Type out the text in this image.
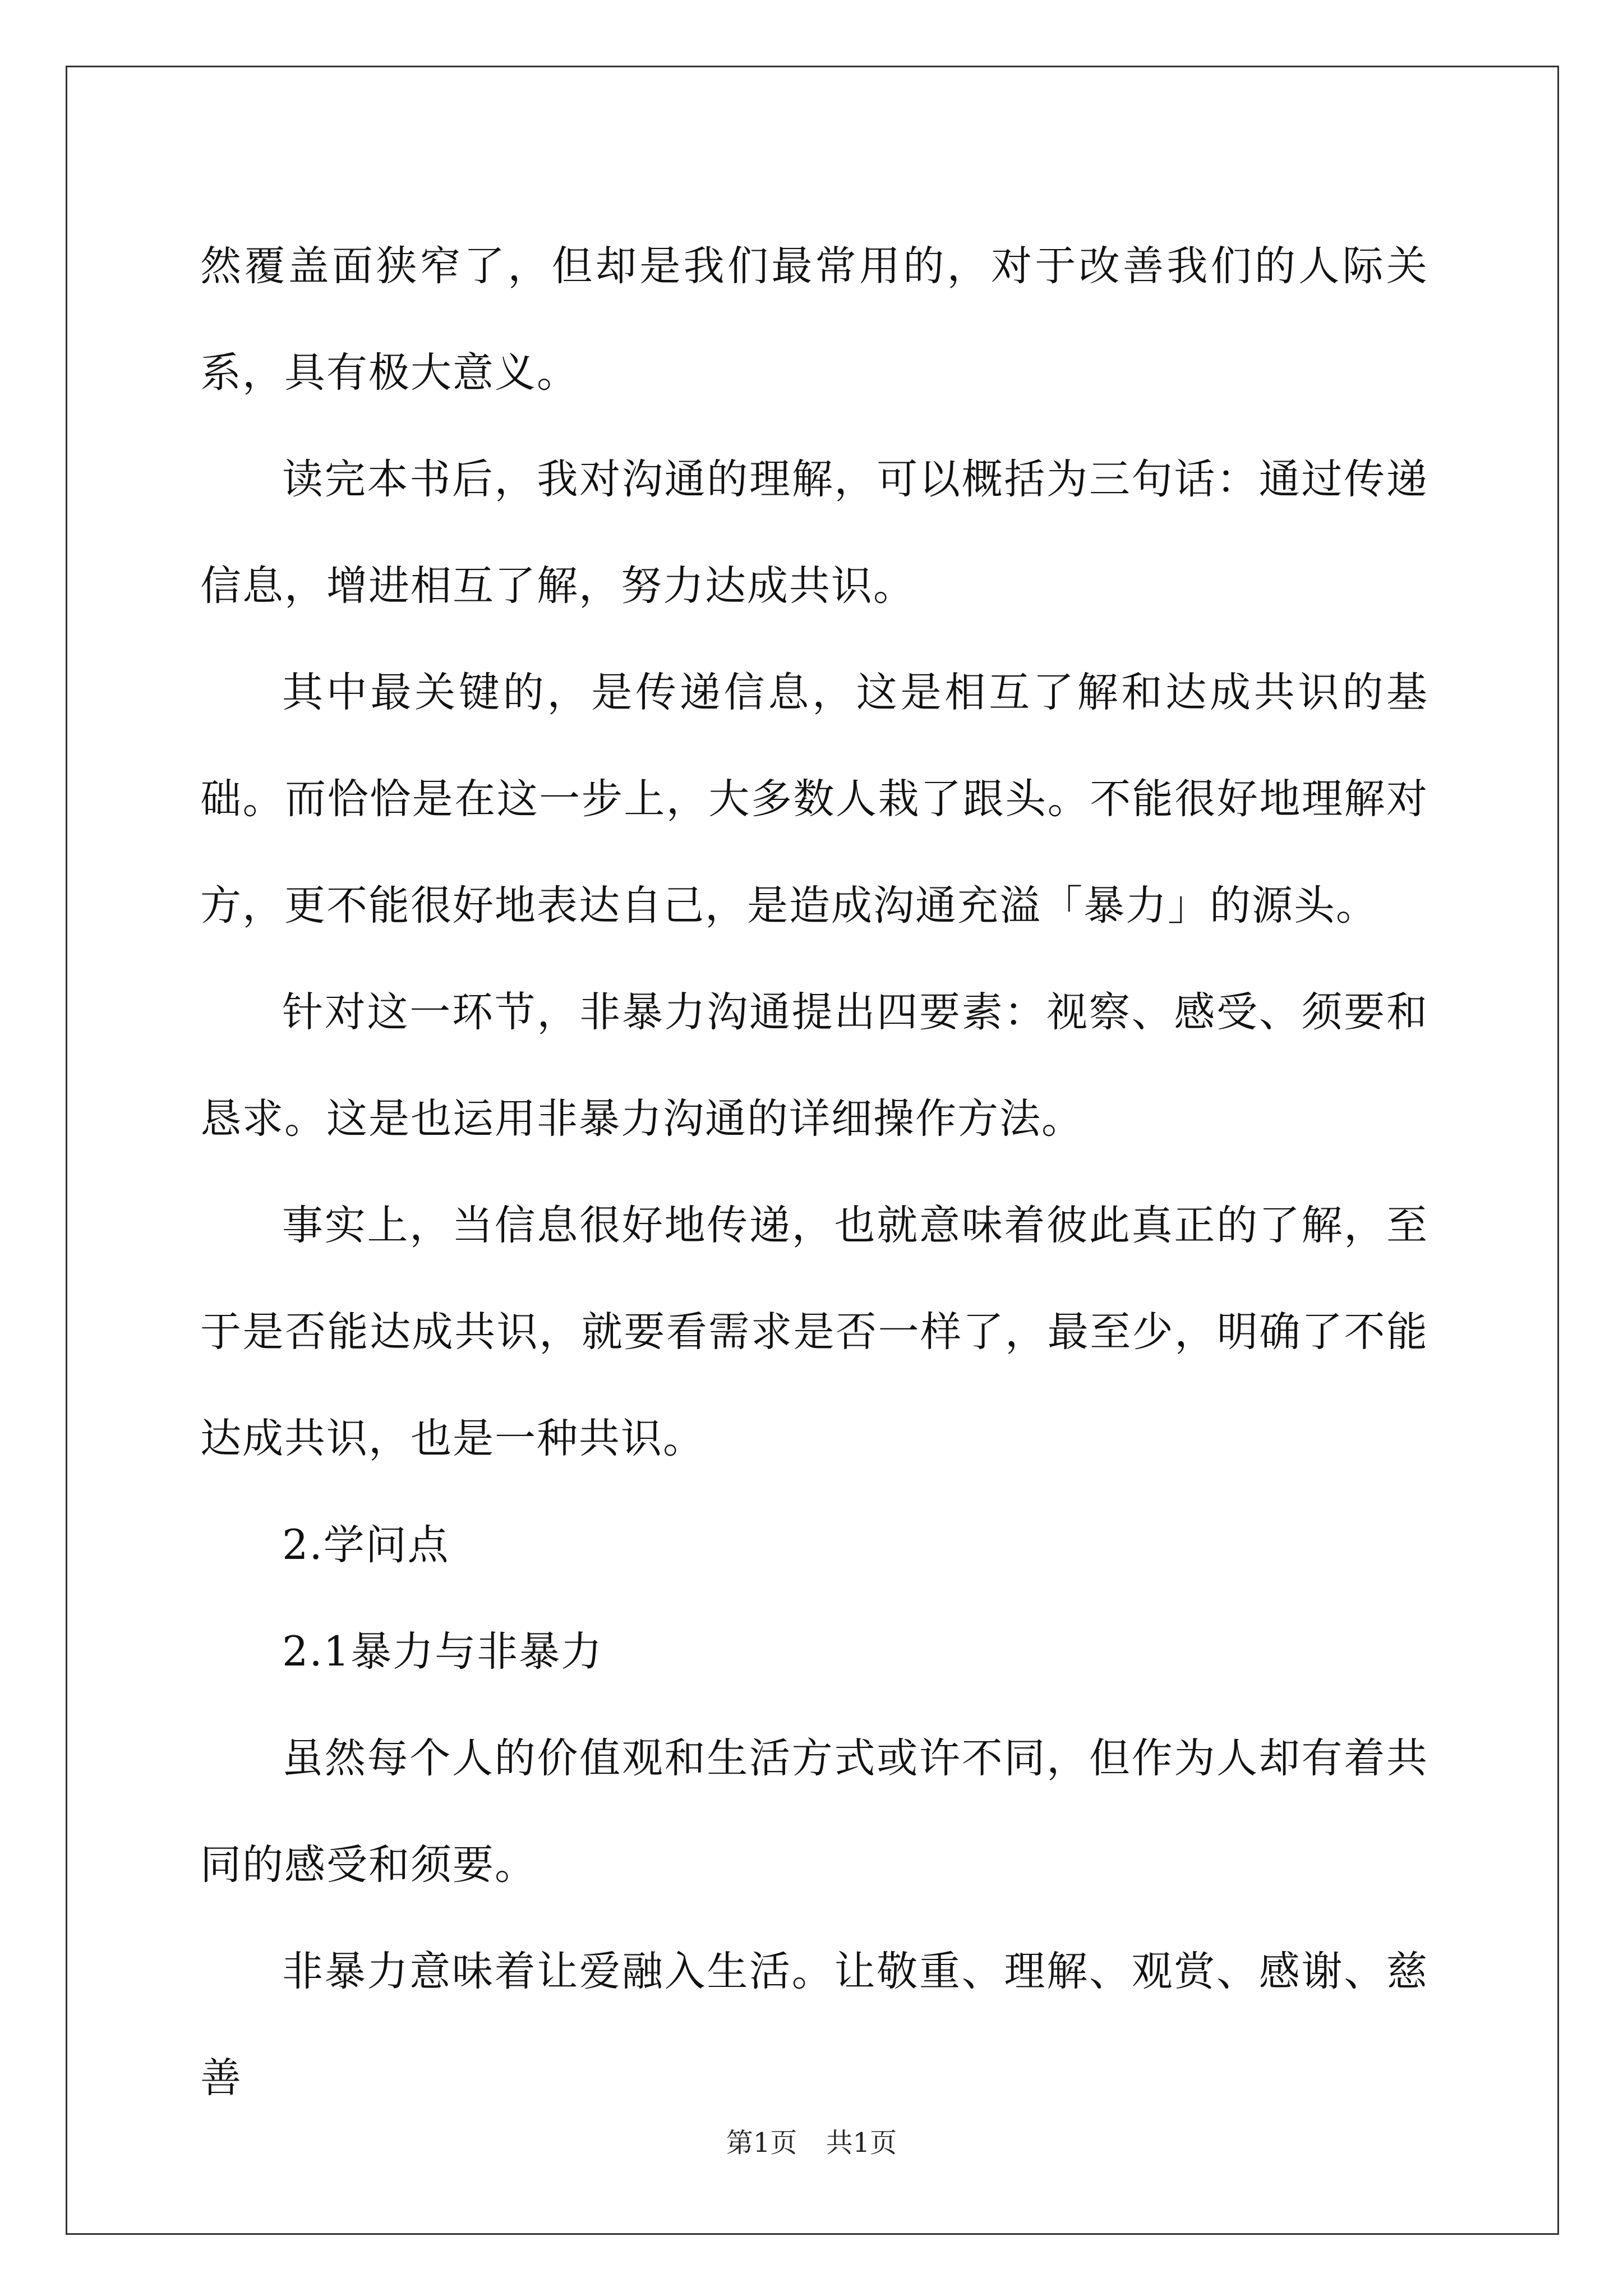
然覆盖面狭窄了，但却是我们最常用的，对于改善我们的人际关系，具有极大意义。

读完本书后，我对沟通的理解，可以概括为三句话：通过传递信息，增进相互了解，努力达成共识。

其中最关键的，是传递信息，这是相互了解和达成共识的基础。而恰恰是在这一步上，大多数人栽了跟头。不能很好地理解对方，更不能很好地表达自己，是造成沟通充溢「暴力」的源头。

针对这一环节，非暴力沟通提出四要素：视察、感受、须要和恳求。这是也运用非暴力沟通的详细操作方法。

事实上，当信息很好地传递，也就意味着彼此真正的了解，至于是否能达成共识，就要看需求是否一样了，最至少，明确了不能达成共识，也是一种共识。

2.学问点

2.1暴力与非暴力

虽然每个人的价值观和生活方式或许不同，但作为人却有着共同的感受和须要。

非暴力意味着让爱融入生活。让敬重、理解、观赏、感谢、慈善

第1页 共1页
